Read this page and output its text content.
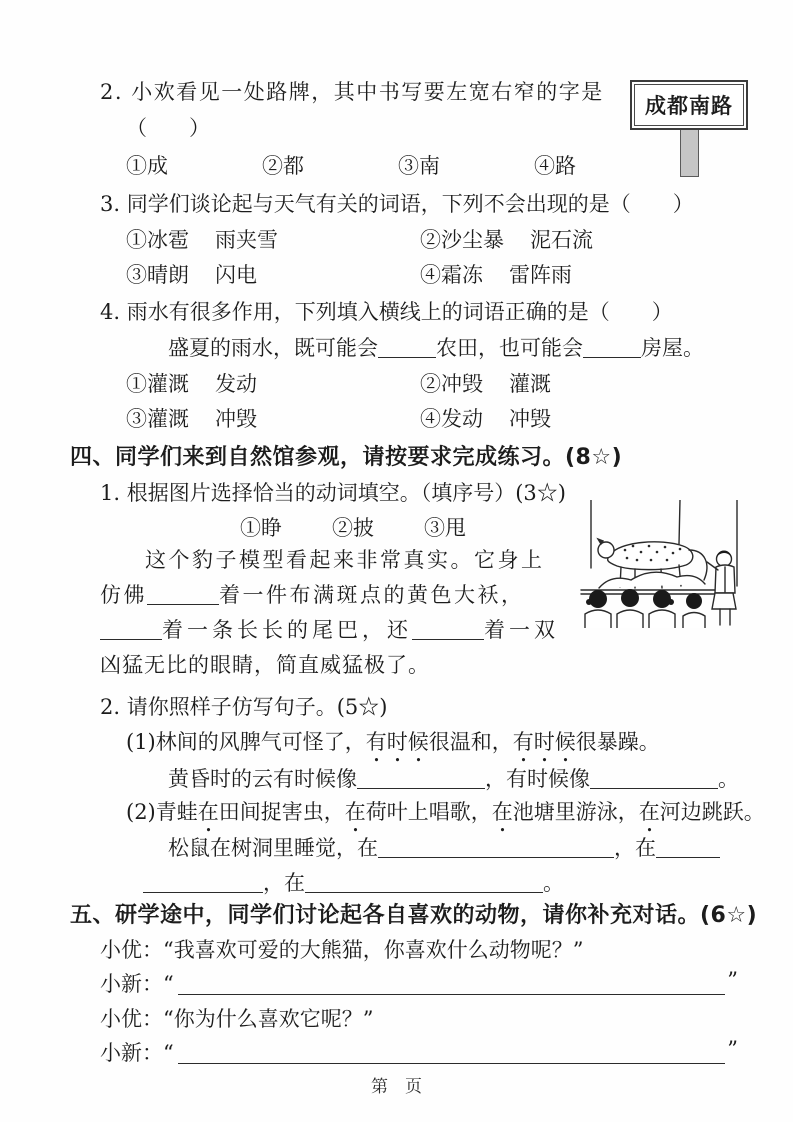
2. 小欢看见一处路牌，其中书写要左宽右窄的字是
（　　）
①成	②都	③南	④路
成都南路
3. 同学们谈论起与天气有关的词语，下列不会出现的是（　　）
①冰雹 雨夹雪	②沙尘暴 泥石流
③晴朗 闪电	④霜冻 雷阵雨
4. 雨水有很多作用，下列填入横线上的词语正确的是（　　）
盛夏的雨水，既可能会	农田，也可能会	房屋。
①灌溉 发动	②冲毁 灌溉
③灌溉 冲毁	④发动 冲毁
四、同学们来到自然馆参观，请按要求完成练习。(8☆)
1. 根据图片选择恰当的动词填空。（填序号）(3☆)
①睁 ②披 ③甩
这个豹子模型看起来非常真实。它身上
仿佛	着一件布满斑点的黄色大袄，
着一条长长的尾巴，还	着一双
凶猛无比的眼睛，简直威猛极了。
2. 请你照样子仿写句子。(5☆)
(1)林间的风脾气可怪了，有时候很温和，有时候很暴躁。
黄昏时的云有时候像	，有时候像	。
(2)青蛙在田间捉害虫，在荷叶上唱歌，在池塘里游泳，在河边跳跃。
松鼠在树洞里睡觉，在	，在
，在	。
五、研学途中，同学们讨论起各自喜欢的动物，请你补充对话。(6☆)
小优：“我喜欢可爱的大熊猫，你喜欢什么动物呢？”
小新：“	”
小优：“你为什么喜欢它呢？”
小新：“	”
第　页
